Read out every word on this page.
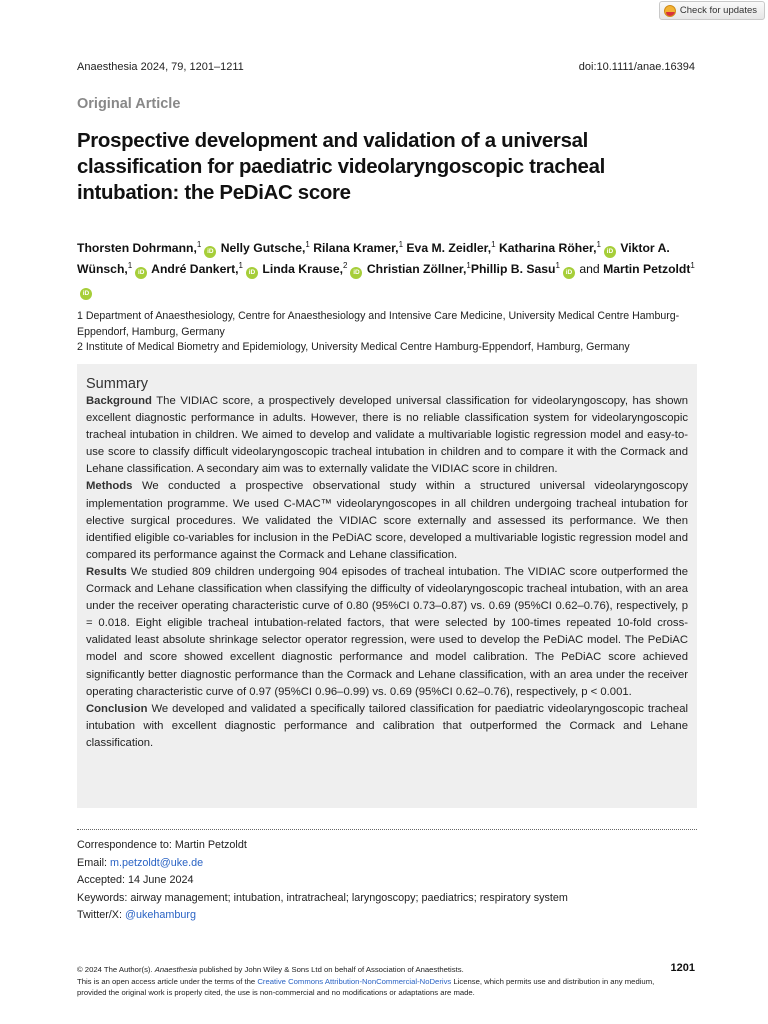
Check for updates
Anaesthesia 2024, 79, 1201–1211	doi:10.1111/anae.16394
Original Article
Prospective development and validation of a universal classification for paediatric videolaryngoscopic tracheal intubation: the PeDiAC score
Thorsten Dohrmann,$^1$iD Nelly Gutsche,$^1$ Rilana Kramer,$^1$ Eva M. Zeidler,$^1$ Katharina Röher,$^1$iD Viktor A. Wünsch,$^1$iD André Dankert,$^1$iD Linda Krause,$^2$iD Christian Zöllner,$^1$Phillip B. Sasu$^1$iD and Martin Petzoldt$^1$iD
1 Department of Anaesthesiology, Centre for Anaesthesiology and Intensive Care Medicine, University Medical Centre Hamburg-Eppendorf, Hamburg, Germany
2 Institute of Medical Biometry and Epidemiology, University Medical Centre Hamburg-Eppendorf, Hamburg, Germany
Summary

Background The VIDIAC score, a prospectively developed universal classification for videolaryngoscopy, has shown excellent diagnostic performance in adults. However, there is no reliable classification system for videolaryngoscopic tracheal intubation in children. We aimed to develop and validate a multivariable logistic regression model and easy-to-use score to classify difficult videolaryngoscopic tracheal intubation in children and to compare it with the Cormack and Lehane classification. A secondary aim was to externally validate the VIDIAC score in children.

Methods We conducted a prospective observational study within a structured universal videolaryngoscopy implementation programme. We used C-MAC™ videolaryngoscopes in all children undergoing tracheal intubation for elective surgical procedures. We validated the VIDIAC score externally and assessed its performance. We then identified eligible co-variables for inclusion in the PeDiAC score, developed a multivariable logistic regression model and compared its performance against the Cormack and Lehane classification.

Results We studied 809 children undergoing 904 episodes of tracheal intubation. The VIDIAC score outperformed the Cormack and Lehane classification when classifying the difficulty of videolaryngoscopic tracheal intubation, with an area under the receiver operating characteristic curve of 0.80 (95%CI 0.73–0.87) vs. 0.69 (95%CI 0.62–0.76), respectively, p = 0.018. Eight eligible tracheal intubation-related factors, that were selected by 100-times repeated 10-fold cross-validated least absolute shrinkage selector operator regression, were used to develop the PeDiAC model. The PeDiAC model and score showed excellent diagnostic performance and model calibration. The PeDiAC score achieved significantly better diagnostic performance than the Cormack and Lehane classification, with an area under the receiver operating characteristic curve of 0.97 (95%CI 0.96–0.99) vs. 0.69 (95%CI 0.62–0.76), respectively, p < 0.001.

Conclusion We developed and validated a specifically tailored classification for paediatric videolaryngoscopic tracheal intubation with excellent diagnostic performance and calibration that outperformed the Cormack and Lehane classification.

Correspondence to: Martin Petzoldt
Email: m.petzoldt@uke.de
Accepted: 14 June 2024
Keywords: airway management; intubation, intratracheal; laryngoscopy; paediatrics; respiratory system
Twitter/X: @ukehamburg
© 2024 The Author(s). Anaesthesia published by John Wiley & Sons Ltd on behalf of Association of Anaesthetists.
This is an open access article under the terms of the Creative Commons Attribution-NonCommercial-NoDerivs License, which permits use and distribution in any medium, provided the original work is properly cited, the use is non-commercial and no modifications or adaptations are made.
1201
